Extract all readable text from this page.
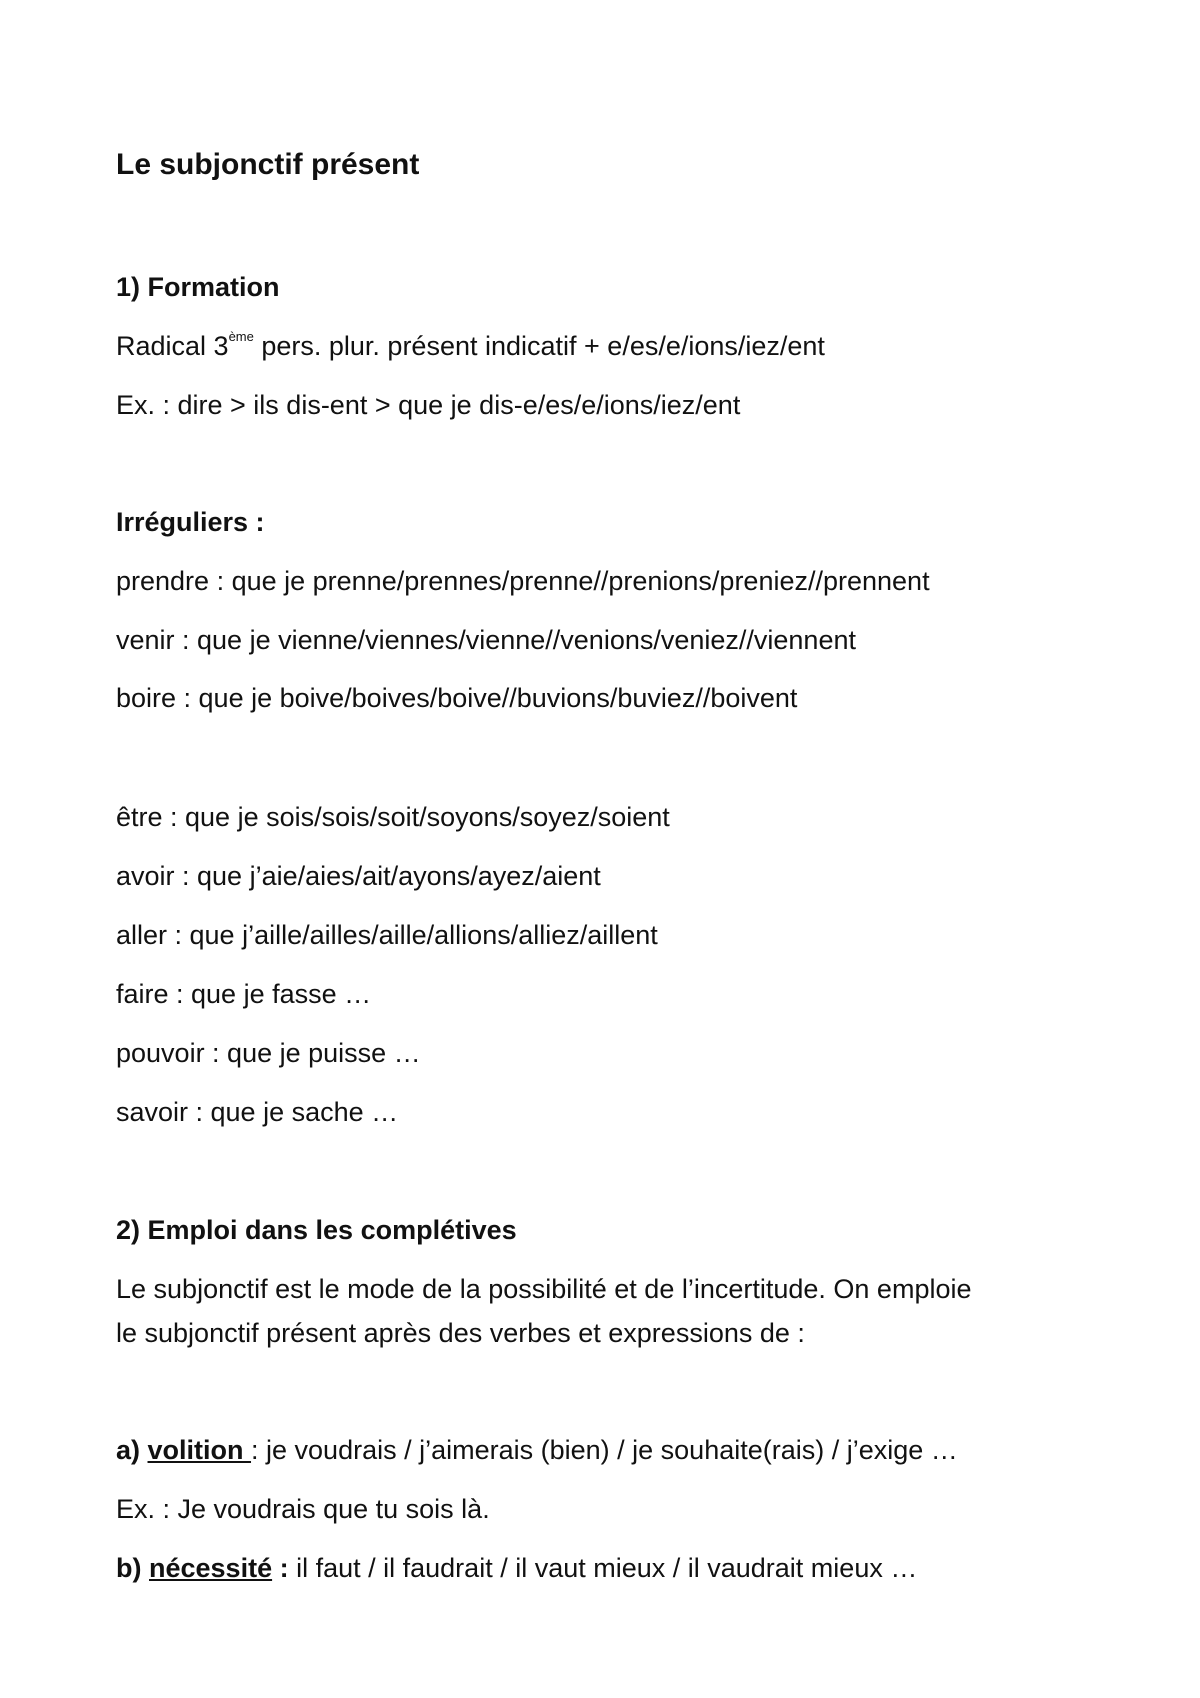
Le subjonctif présent
1) Formation
Radical 3ème pers. plur. présent indicatif + e/es/e/ions/iez/ent
Ex. : dire > ils dis-ent > que je dis-e/es/e/ions/iez/ent
Irréguliers :
prendre : que je prenne/prennes/prenne//prenions/preniez//prennent
venir : que je vienne/viennes/vienne//venions/veniez//viennent
boire : que je boive/boives/boive//buvions/buviez//boivent
être : que je sois/sois/soit/soyons/soyez/soient
avoir : que j’aie/aies/ait/ayons/ayez/aient
aller : que j’aille/ailles/aille/allions/alliez/aillent
faire : que je fasse …
pouvoir : que je puisse …
savoir : que je sache …
2) Emploi dans les complétives
Le subjonctif est le mode de la possibilité et de l’incertitude. On emploie
le subjonctif présent après des verbes et expressions de :
a) volition : je voudrais / j’aimerais (bien) / je souhaite(rais) / j’exige …
Ex. : Je voudrais que tu sois là.
b) nécessité : il faut / il faudrait / il vaut mieux / il vaudrait mieux …
